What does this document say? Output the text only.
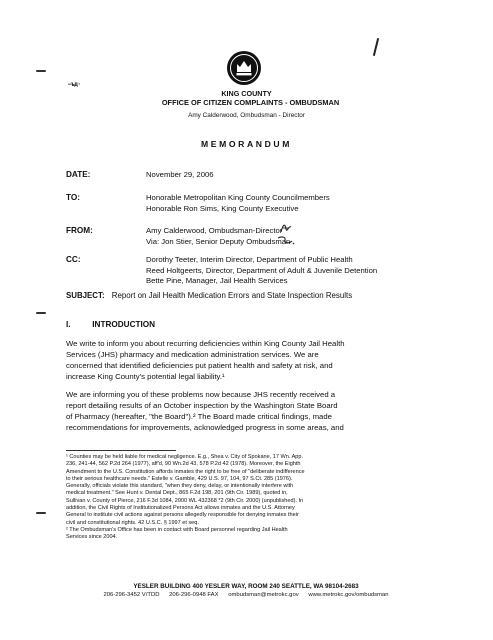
—ъд·
KING COUNTY
OFFICE OF CITIZEN COMPLAINTS - OMBUDSMAN
Amy Calderwood, Ombudsman - Director
MEMORANDUM
DATE:	November 29, 2006
TO:	Honorable Metropolitan King County Councilmembers
Honorable Ron Sims, King County Executive
FROM:	Amy Calderwood, Ombudsman-Director
Via: Jon Stier, Senior Deputy Ombudsman
CC:	Dorothy Teeter, Interim Director, Department of Public Health
Reed Holtgeerts, Director, Department of Adult & Juvenile Detention
Bette Pine, Manager, Jail Health Services
SUBJECT: Report on Jail Health Medication Errors and State Inspection Results
I.	INTRODUCTION
We write to inform you about recurring deficiencies within King County Jail Health
Services (JHS) pharmacy and medication administration services. We are
concerned that identified deficiencies put patient health and safety at risk, and
increase King County's potential legal liability.¹
We are informing you of these problems now because JHS recently received a
report detailing results of an October inspection by the Washington State Board
of Pharmacy (hereafter, "the Board").² The Board made critical findings, made
recommendations for improvements, acknowledged progress in some areas, and
¹ Counties may be held liable for medical negligence. E.g., Shea v. City of Spokane, 17 Wn. App.
236, 241-44, 562 P.2d 264 (1977), aff'd, 90 Wn.2d 43, 578 P.2d 42 (1978). Moreover, the Eighth
Amendment to the U.S. Constitution affords inmates the right to be free of "deliberate indifference
to their serious healthcare needs." Estelle v. Gamble, 429 U.S. 97, 104, 97 S.Ct. 285 (1976).
Generally, officials violate this standard, "when they deny, delay, or intentionally interfere with
medical treatment." See Hunt v. Dental Dept., 865 F.2d 198, 201 (9th Cir. 1989), quoted in,
Sullivan v. County of Pierce, 216 F.3d 1084, 2000 WL 432368 *2 (9th Cir. 2000) (unpublished). In
addition, the Civil Rights of Institutionalized Persons Act allows inmates and the U.S. Attorney
General to institute civil actions against persons allegedly responsible for denying inmates their
civil and constitutional rights. 42 U.S.C. § 1997 et seq.
² The Ombudsman's Office has been in contact with Board personnel regarding Jail Health
Services since 2004.
YESLER BUILDING 400 YESLER WAY, ROOM 240 SEATTLE, WA 98104-2683
206-296-3452 V/TDD 206-296-0948 FAX ombudsman@metrokc.gov www.metrokc.gov/ombudsman
